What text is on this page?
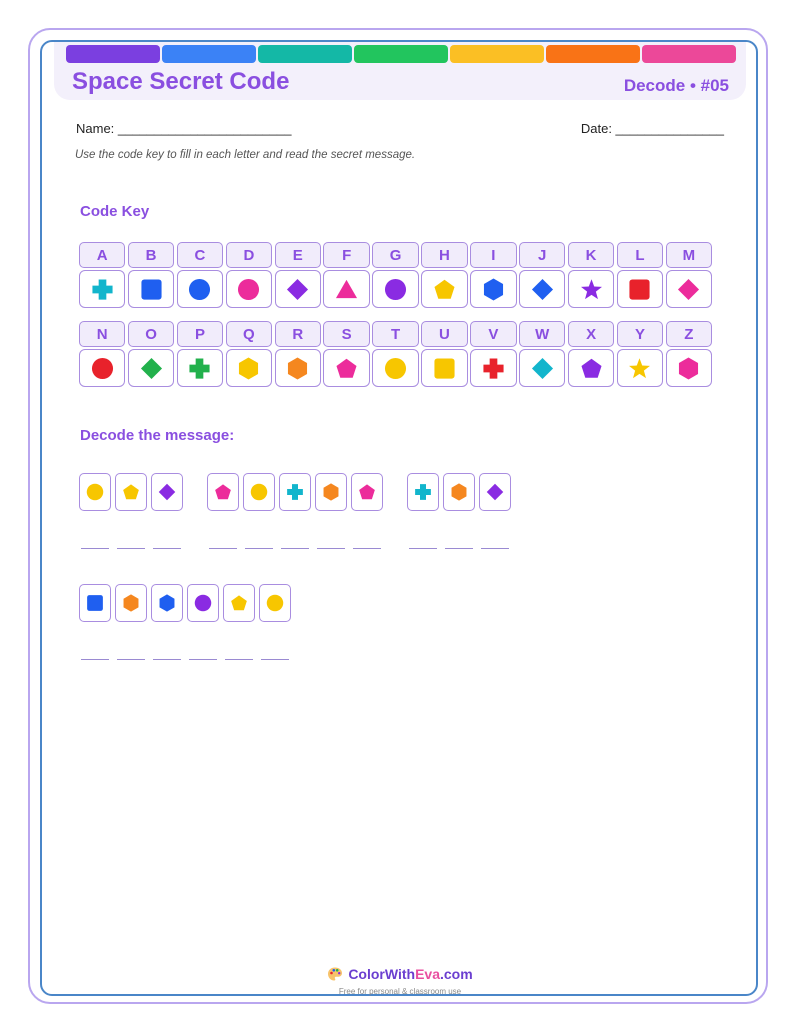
Space Secret Code	Decode • #05
Name: ________________________	Date: _______________
Use the code key to fill in each letter and read the secret message.
Code Key
A	B	C	D	E	F	G	H	I	J	K	L	M
N	O	P	Q	R	S	T	U	V	W	X	Y	Z
Decode the message:
ColorWithEva.com
Free for personal & classroom use
